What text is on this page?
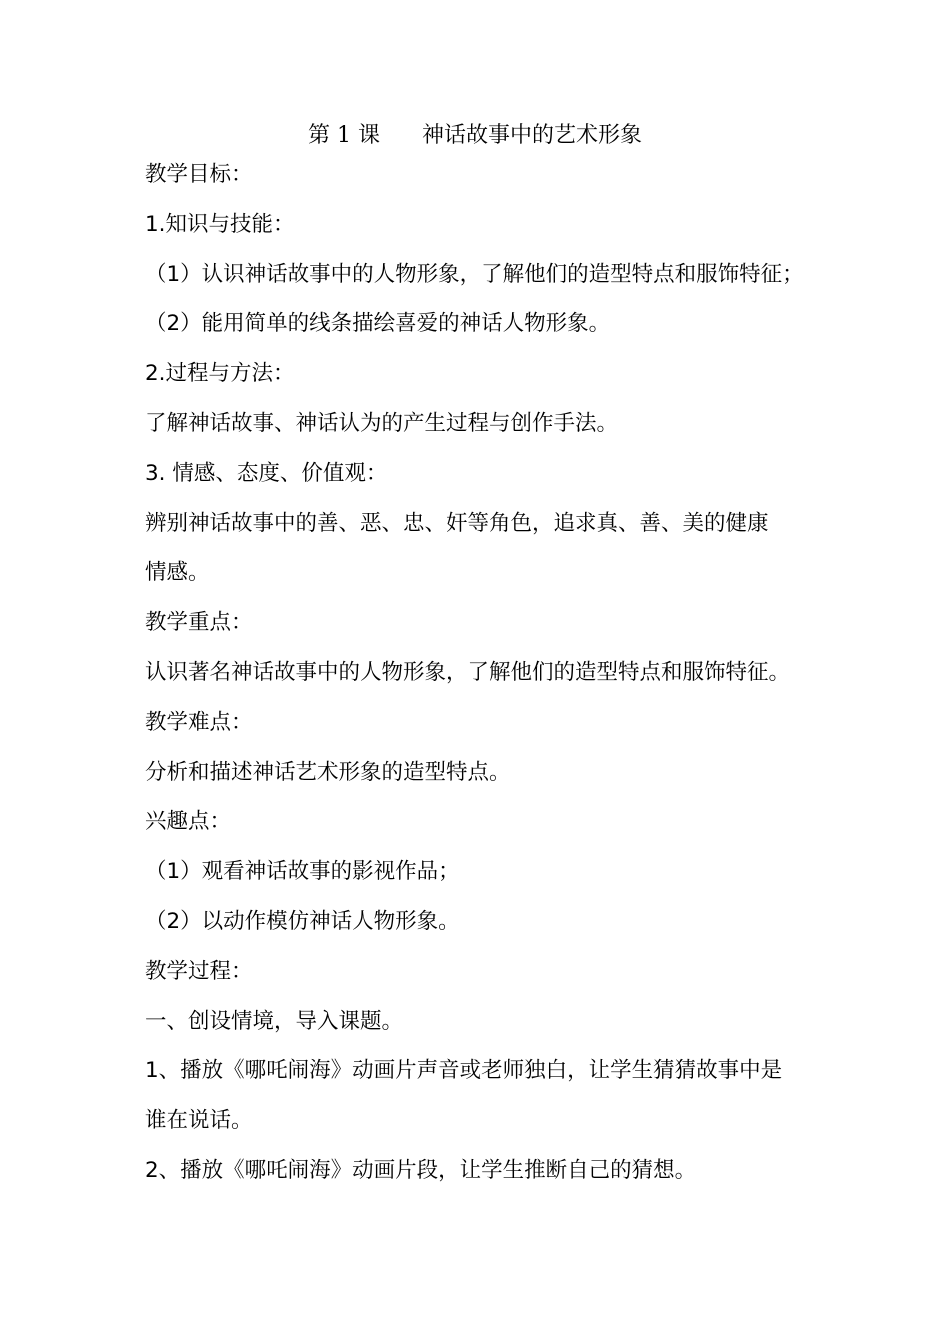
第 1 课      神话故事中的艺术形象
教学目标：
1.知识与技能：
（1）认识神话故事中的人物形象，了解他们的造型特点和服饰特征；
（2）能用简单的线条描绘喜爱的神话人物形象。
2.过程与方法：
了解神话故事、神话认为的产生过程与创作手法。
3. 情感、态度、价值观：
辨别神话故事中的善、恶、忠、奸等角色，追求真、善、美的健康
情感。
教学重点：
认识著名神话故事中的人物形象，了解他们的造型特点和服饰特征。
教学难点：
分析和描述神话艺术形象的造型特点。
兴趣点：
（1）观看神话故事的影视作品；
（2）以动作模仿神话人物形象。
教学过程：
一、创设情境，导入课题。
1、播放《哪吒闹海》动画片声音或老师独白，让学生猜猜故事中是
谁在说话。
2、播放《哪吒闹海》动画片段，让学生推断自己的猜想。
